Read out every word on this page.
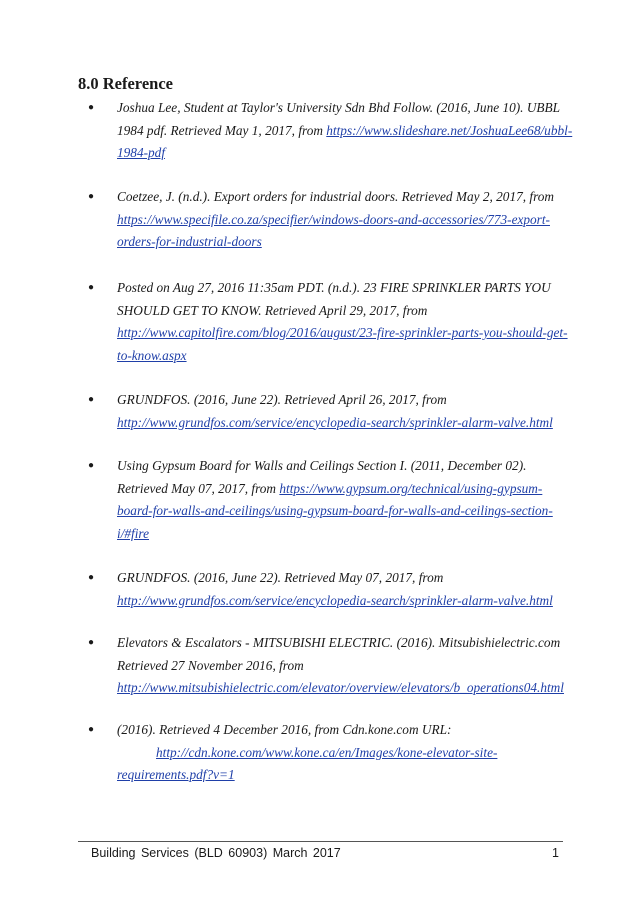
8.0 Reference
● Joshua Lee, Student at Taylor's University Sdn Bhd Follow. (2016, June 10). UBBL
1984 pdf. Retrieved May 1, 2017, from https://www.slideshare.net/JoshuaLee68/ubbl-
1984-pdf
● Coetzee, J. (n.d.). Export orders for industrial doors. Retrieved May 2, 2017, from
https://www.specifile.co.za/specifier/windows-doors-and-accessories/773-export-
orders-for-industrial-doors
● Posted on Aug 27, 2016 11:35am PDT. (n.d.). 23 FIRE SPRINKLER PARTS YOU
SHOULD GET TO KNOW. Retrieved April 29, 2017, from
http://www.capitolfire.com/blog/2016/august/23-fire-sprinkler-parts-you-should-get-
to-know.aspx
● GRUNDFOS. (2016, June 22). Retrieved April 26, 2017, from
http://www.grundfos.com/service/encyclopedia-search/sprinkler-alarm-valve.html
● Using Gypsum Board for Walls and Ceilings Section I. (2011, December 02).
Retrieved May 07, 2017, from https://www.gypsum.org/technical/using-gypsum-
board-for-walls-and-ceilings/using-gypsum-board-for-walls-and-ceilings-section-
i/#fire
● GRUNDFOS. (2016, June 22). Retrieved May 07, 2017, from
http://www.grundfos.com/service/encyclopedia-search/sprinkler-alarm-valve.html
● Elevators & Escalators - MITSUBISHI ELECTRIC. (2016). Mitsubishielectric.com
Retrieved 27 November 2016, from
http://www.mitsubishielectric.com/elevator/overview/elevators/b_operations04.html
● (2016). Retrieved 4 December 2016, from Cdn.kone.com URL:
http://cdn.kone.com/www.kone.ca/en/Images/kone-elevator-site-
requirements.pdf?v=1
Building Services (BLD 60903) March 2017	1
